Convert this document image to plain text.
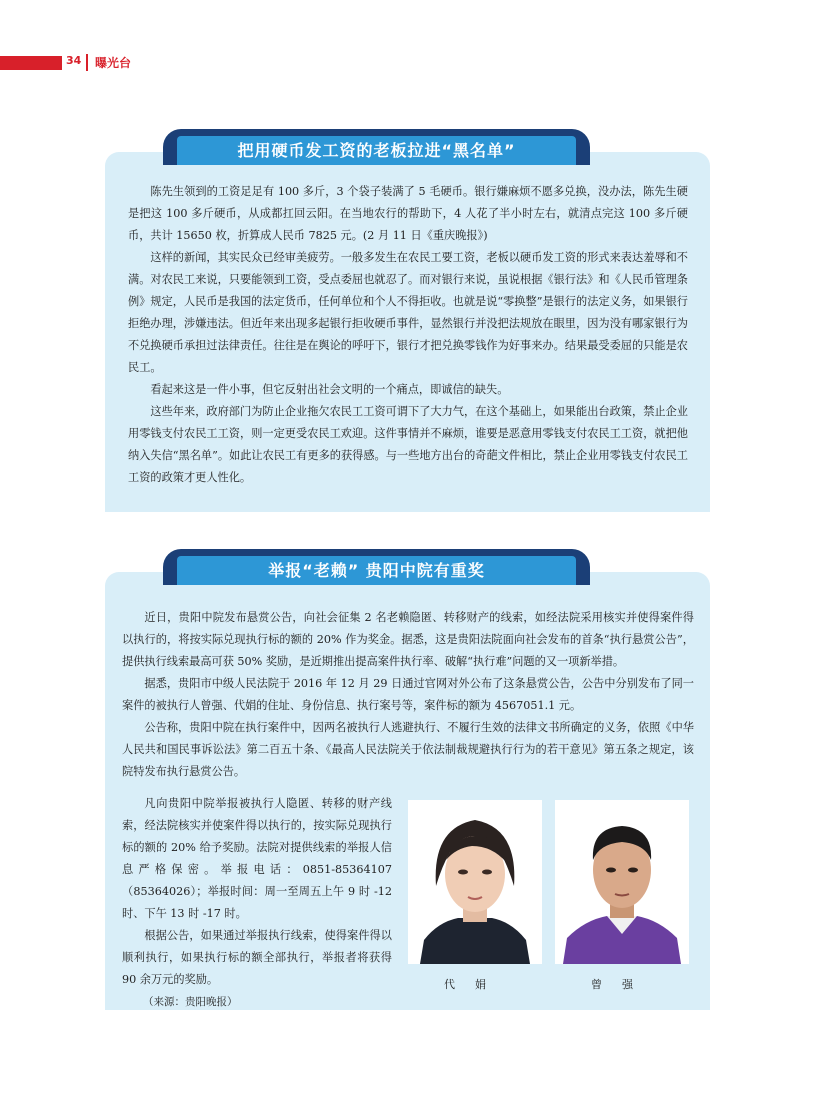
34 曝光台
把用硬币发工资的老板拉进“黑名单”

陈先生领到的工资足足有 100 多斤，3 个袋子装满了 5 毛硬币。银行嫌麻烦不愿多兑换，没办法，陈先生硬是把这 100 多斤硬币，从成都扛回云阳。在当地农行的帮助下，4 人花了半小时左右，就清点完这 100 多斤硬币，共计 15650 枚，折算成人民币 7825 元。(2 月 11 日《重庆晚报》)

这样的新闻，其实民众已经审美疲劳。一般多发生在农民工要工资，老板以硬币发工资的形式来表达羞辱和不满。对农民工来说，只要能领到工资，受点委屈也就忍了。而对银行来说，虽说根据《银行法》和《人民币管理条例》规定，人民币是我国的法定货币，任何单位和个人不得拒收。也就是说“零换整”是银行的法定义务，如果银行拒绝办理，涉嫌违法。但近年来出现多起银行拒收硬币事件，显然银行并没把法规放在眼里，因为没有哪家银行为不兑换硬币承担过法律责任。往往是在舆论的呼吁下，银行才把兑换零钱作为好事来办。结果最受委屈的只能是农民工。

看起来这是一件小事，但它反射出社会文明的一个痛点，即诚信的缺失。

这些年来，政府部门为防止企业拖欠农民工工资可谓下了大力气，在这个基础上，如果能出台政策，禁止企业用零钱支付农民工工资，则一定更受农民工欢迎。这件事情并不麻烦，谁要是恶意用零钱支付农民工工资，就把他纳入失信“黑名单”。如此让农民工有更多的获得感。与一些地方出台的奇葩文件相比，禁止企业用零钱支付农民工工资的政策才更人性化。

举报“老赖” 贵阳中院有重奖

近日，贵阳中院发布悬赏公告，向社会征集 2 名老赖隐匿、转移财产的线索，如经法院采用核实并使得案件得以执行的，将按实际兑现执行标的额的 20% 作为奖金。据悉，这是贵阳法院面向社会发布的首条“执行悬赏公告”，提供执行线索最高可获 50% 奖励，是近期推出提高案件执行率、破解“执行难”问题的又一项新举措。

据悉，贵阳市中级人民法院于 2016 年 12 月 29 日通过官网对外公布了这条悬赏公告，公告中分别发布了同一案件的被执行人曾强、代娟的住址、身份信息、执行案号等，案件标的额为 4567051.1 元。

公告称，贵阳中院在执行案件中，因两名被执行人逃避执行、不履行生效的法律文书所确定的义务，依照《中华人民共和国民事诉讼法》第二百五十条、《最高人民法院关于依法制裁规避执行行为的若干意见》第五条之规定，该院特发布执行悬赏公告。

凡向贵阳中院举报被执行人隐匿、转移的财产线索，经法院核实并使案件得以执行的，按实际兑现执行标的额的 20% 给予奖励。法院对提供线索的举报人信息严格保密。举报电话：0851-85364107（85364026）；举报时间：周一至周五上午 9 时 -12 时、下午 13 时 -17 时。

根据公告，如果通过举报执行线索，使得案件得以顺利执行，如果执行标的额全部执行，举报者将获得 90 余万元的奖励。

（来源：贵阳晚报）

代娟	曾强
